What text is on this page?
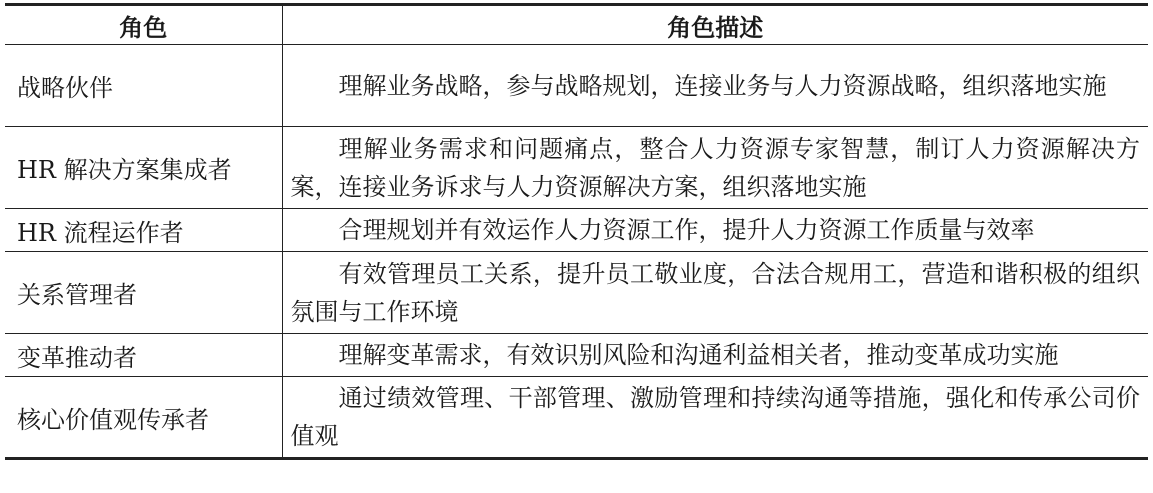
角色	角色描述
战略伙伴	理解业务战略，参与战略规划，连接业务与人力资源战略，组织落地实施
HR 解决方案集成者	理解业务需求和问题痛点，整合人力资源专家智慧，制订人力资源解决方案，连接业务诉求与人力资源解决方案，组织落地实施
HR 流程运作者	合理规划并有效运作人力资源工作，提升人力资源工作质量与效率
关系管理者	有效管理员工关系，提升员工敬业度，合法合规用工，营造和谐积极的组织氛围与工作环境
变革推动者	理解变革需求，有效识别风险和沟通利益相关者，推动变革成功实施
核心价值观传承者	通过绩效管理、干部管理、激励管理和持续沟通等措施，强化和传承公司价值观
